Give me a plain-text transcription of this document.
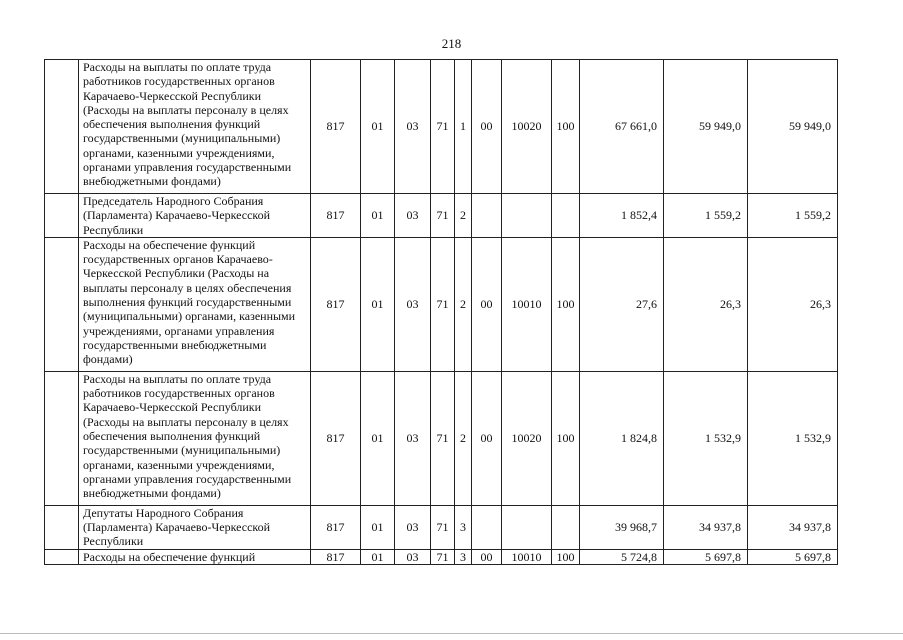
218
	Расходы на выплаты по оплате труда работников государственных органов Карачаево-Черкесской Республики (Расходы на выплаты персоналу в целях обеспечения выполнения функций государственными (муниципальными) органами, казенными учреждениями, органами управления государственными внебюджетными фондами)	817	01	03	71	1	00	10020	100	67 661,0	59 949,0	59 949,0
	Председатель Народного Собрания (Парламента) Карачаево-Черкесской Республики	817	01	03	71	2				1 852,4	1 559,2	1 559,2
	Расходы на обеспечение функций государственных органов Карачаево-Черкесской Республики (Расходы на выплаты персоналу в целях обеспечения выполнения функций государственными (муниципальными) органами, казенными учреждениями, органами управления государственными внебюджетными фондами)	817	01	03	71	2	00	10010	100	27,6	26,3	26,3
	Расходы на выплаты по оплате труда работников государственных органов Карачаево-Черкесской Республики (Расходы на выплаты персоналу в целях обеспечения выполнения функций государственными (муниципальными) органами, казенными учреждениями, органами управления государственными внебюджетными фондами)	817	01	03	71	2	00	10020	100	1 824,8	1 532,9	1 532,9
	Депутаты Народного Собрания (Парламента) Карачаево-Черкесской Республики	817	01	03	71	3				39 968,7	34 937,8	34 937,8
	Расходы на обеспечение функций	817	01	03	71	3	00	10010	100	5 724,8	5 697,8	5 697,8
